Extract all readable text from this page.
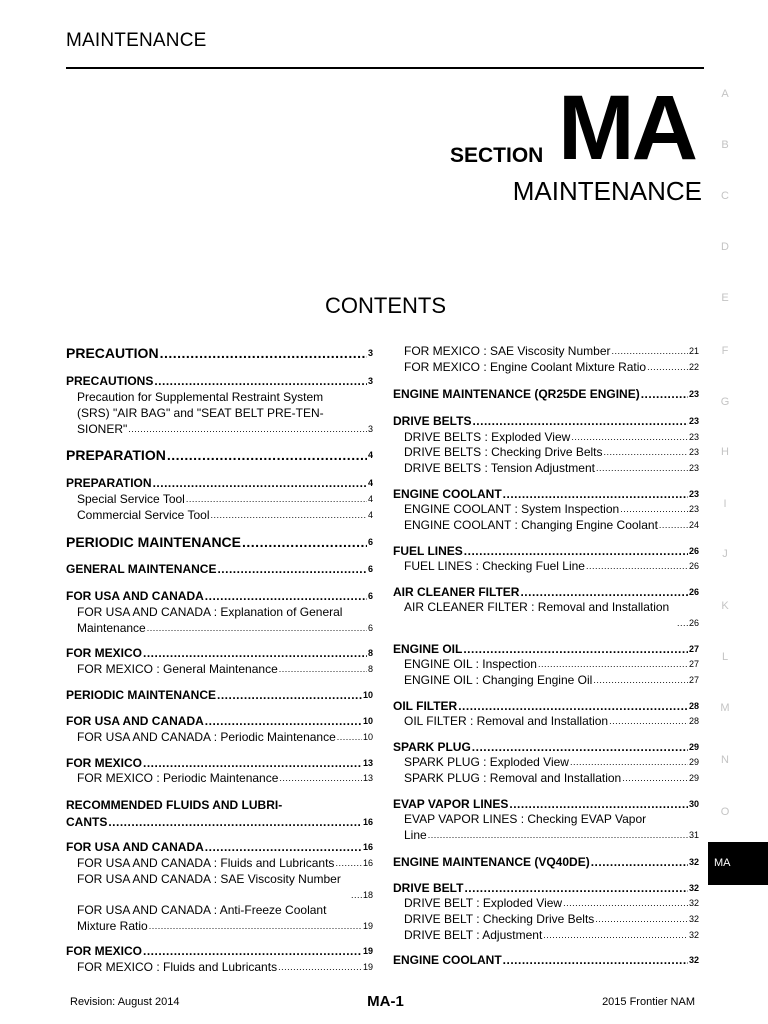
MAINTENANCE
SECTION MA
MAINTENANCE
CONTENTS
A
B
C
D
E
F
G
H
I
J
K
L
M
N
O
MA
PRECAUTION .....	3
PRECAUTIONS .....	3
Precaution for Supplemental Restraint System
(SRS) "AIR BAG" and "SEAT BELT PRE-TEN-
SIONER" .....	3
PREPARATION .....	4
PREPARATION .....	4
Special Service Tool .....	4
Commercial Service Tool .....	4
PERIODIC MAINTENANCE .....	6
GENERAL MAINTENANCE .....	6
FOR USA AND CANADA .....	6
FOR USA AND CANADA : Explanation of General
Maintenance .....	6
FOR MEXICO .....	8
FOR MEXICO : General Maintenance .....	8
PERIODIC MAINTENANCE .....	10
FOR USA AND CANADA .....	10
FOR USA AND CANADA : Periodic Maintenance .....	10
FOR MEXICO .....	13
FOR MEXICO : Periodic Maintenance .....	13
RECOMMENDED FLUIDS AND LUBRI-
CANTS .....	16
FOR USA AND CANADA .....	16
FOR USA AND CANADA : Fluids and Lubricants .....	16
FOR USA AND CANADA : SAE Viscosity Number
....18
FOR USA AND CANADA : Anti-Freeze Coolant
Mixture Ratio .....	19
FOR MEXICO .....	19
FOR MEXICO : Fluids and Lubricants .....	19
FOR MEXICO : SAE Viscosity Number .....	21
FOR MEXICO : Engine Coolant Mixture Ratio .....	22
ENGINE MAINTENANCE (QR25DE ENGINE) .....	23
DRIVE BELTS .....	23
DRIVE BELTS : Exploded View .....	23
DRIVE BELTS : Checking Drive Belts .....	23
DRIVE BELTS : Tension Adjustment .....	23
ENGINE COOLANT .....	23
ENGINE COOLANT : System Inspection .....	23
ENGINE COOLANT : Changing Engine Coolant .....	24
FUEL LINES .....	26
FUEL LINES : Checking Fuel Line .....	26
AIR CLEANER FILTER .....	26
AIR CLEANER FILTER : Removal and Installation
....26
ENGINE OIL .....	27
ENGINE OIL : Inspection .....	27
ENGINE OIL : Changing Engine Oil .....	27
OIL FILTER .....	28
OIL FILTER : Removal and Installation .....	28
SPARK PLUG .....	29
SPARK PLUG : Exploded View .....	29
SPARK PLUG : Removal and Installation .....	29
EVAP VAPOR LINES .....	30
EVAP VAPOR LINES : Checking EVAP Vapor
Line .....	31
ENGINE MAINTENANCE (VQ40DE) .....	32
DRIVE BELT .....	32
DRIVE BELT : Exploded View .....	32
DRIVE BELT : Checking Drive Belts .....	32
DRIVE BELT : Adjustment .....	32
ENGINE COOLANT .....	32
Revision: August 2014	MA-1	2015 Frontier NAM
